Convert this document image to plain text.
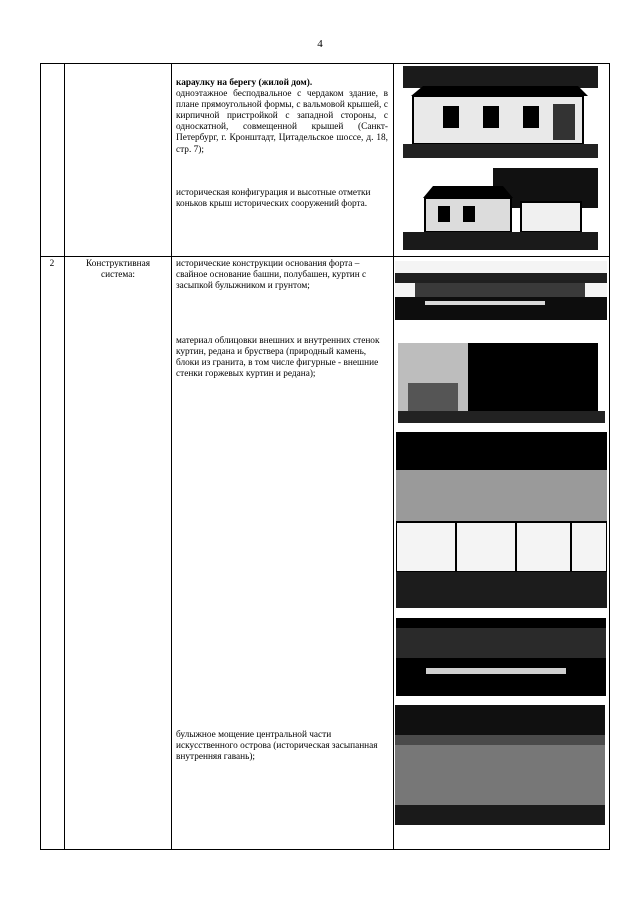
4

караулку на берегу (жилой дом).

одноэтажное бесподвальное с чердаком здание, в плане прямоугольной формы, с вальмовой крышей, с кирпичной пристройкой с западной стороны, с односкатной, совмещенной крышей (Санкт-Петербург, г. Кронштадт, Цитадельское шоссе, д. 18, стр. 7);

историческая конфигурация и высотные отметки коньков крыш исторических сооружений форта.

2	Конструктивная система:

исторические конструкции основания форта – свайное основание башни, полубашен, куртин с засыпкой булыжником и грунтом;

материал облицовки внешних и внутренних стенок куртин, редана и бруствера (природный камень, блоки из гранита, в том числе фигурные - внешние стенки горжевых куртин и редана);

булыжное мощение центральной части искусственного острова (историческая засыпанная внутренняя гавань);
